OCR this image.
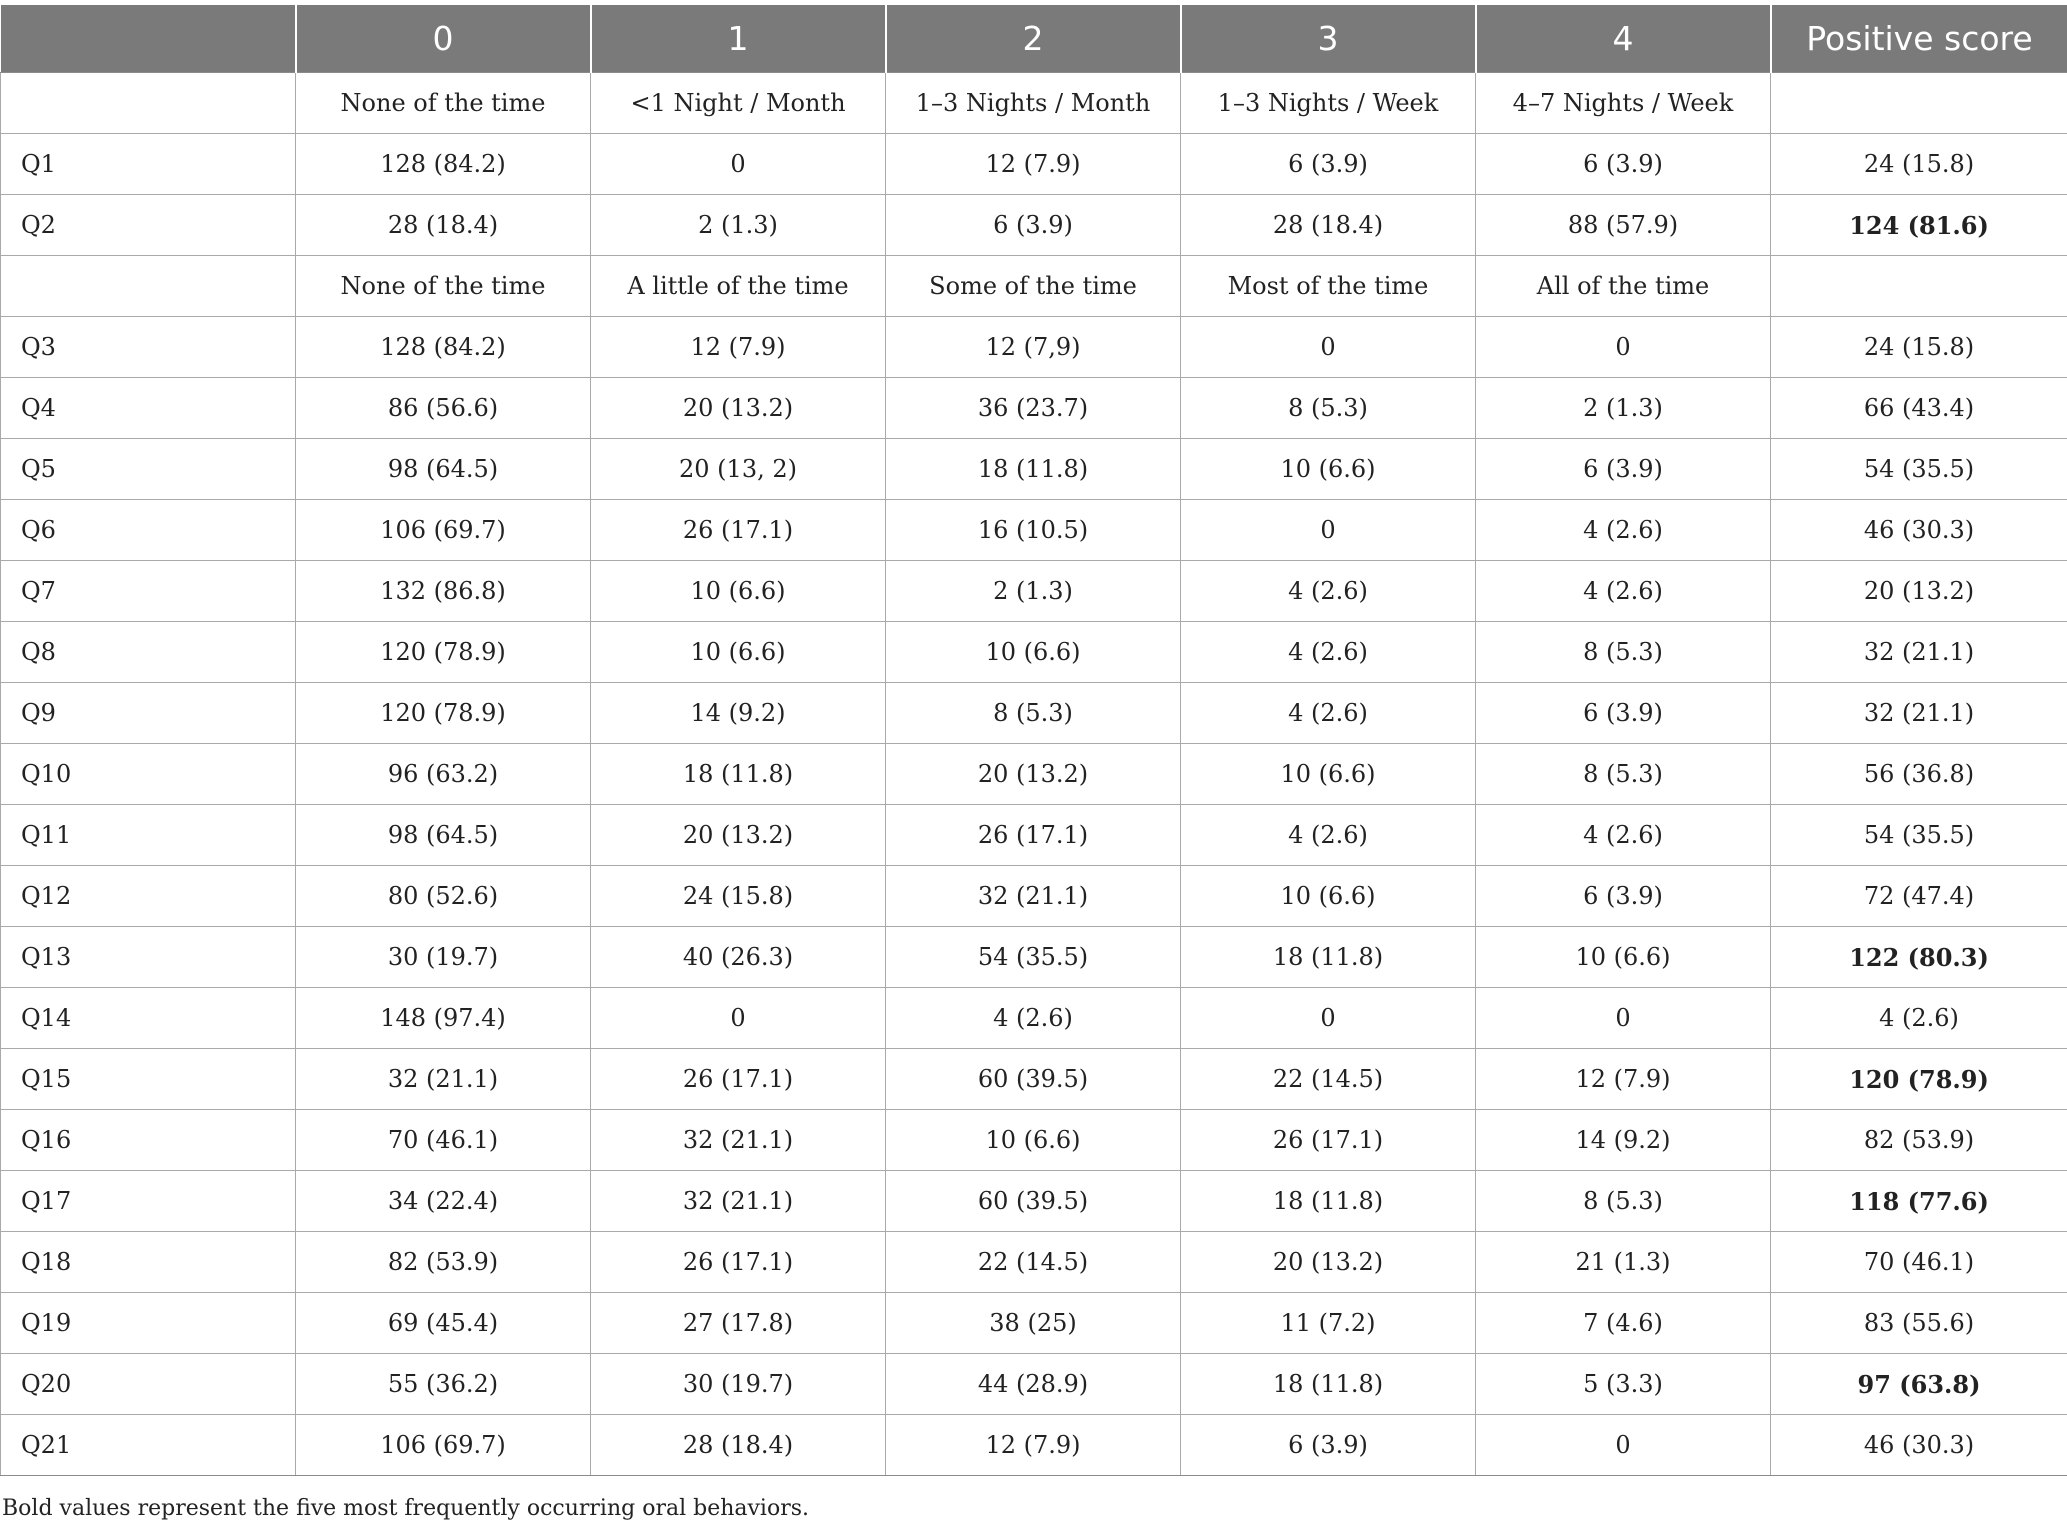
	0	1	2	3	4	Positive score
	None of the time	<1 Night / Month	1–3 Nights / Month	1–3 Nights / Week	4–7 Nights / Week	
Q1	128 (84.2)	0	12 (7.9)	6 (3.9)	6 (3.9)	24 (15.8)
Q2	28 (18.4)	2 (1.3)	6 (3.9)	28 (18.4)	88 (57.9)	124 (81.6)
	None of the time	A little of the time	Some of the time	Most of the time	All of the time	
Q3	128 (84.2)	12 (7.9)	12 (7,9)	0	0	24 (15.8)
Q4	86 (56.6)	20 (13.2)	36 (23.7)	8 (5.3)	2 (1.3)	66 (43.4)
Q5	98 (64.5)	20 (13, 2)	18 (11.8)	10 (6.6)	6 (3.9)	54 (35.5)
Q6	106 (69.7)	26 (17.1)	16 (10.5)	0	4 (2.6)	46 (30.3)
Q7	132 (86.8)	10 (6.6)	2 (1.3)	4 (2.6)	4 (2.6)	20 (13.2)
Q8	120 (78.9)	10 (6.6)	10 (6.6)	4 (2.6)	8 (5.3)	32 (21.1)
Q9	120 (78.9)	14 (9.2)	8 (5.3)	4 (2.6)	6 (3.9)	32 (21.1)
Q10	96 (63.2)	18 (11.8)	20 (13.2)	10 (6.6)	8 (5.3)	56 (36.8)
Q11	98 (64.5)	20 (13.2)	26 (17.1)	4 (2.6)	4 (2.6)	54 (35.5)
Q12	80 (52.6)	24 (15.8)	32 (21.1)	10 (6.6)	6 (3.9)	72 (47.4)
Q13	30 (19.7)	40 (26.3)	54 (35.5)	18 (11.8)	10 (6.6)	122 (80.3)
Q14	148 (97.4)	0	4 (2.6)	0	0	4 (2.6)
Q15	32 (21.1)	26 (17.1)	60 (39.5)	22 (14.5)	12 (7.9)	120 (78.9)
Q16	70 (46.1)	32 (21.1)	10 (6.6)	26 (17.1)	14 (9.2)	82 (53.9)
Q17	34 (22.4)	32 (21.1)	60 (39.5)	18 (11.8)	8 (5.3)	118 (77.6)
Q18	82 (53.9)	26 (17.1)	22 (14.5)	20 (13.2)	21 (1.3)	70 (46.1)
Q19	69 (45.4)	27 (17.8)	38 (25)	11 (7.2)	7 (4.6)	83 (55.6)
Q20	55 (36.2)	30 (19.7)	44 (28.9)	18 (11.8)	5 (3.3)	97 (63.8)
Q21	106 (69.7)	28 (18.4)	12 (7.9)	6 (3.9)	0	46 (30.3)
Bold values represent the five most frequently occurring oral behaviors.
